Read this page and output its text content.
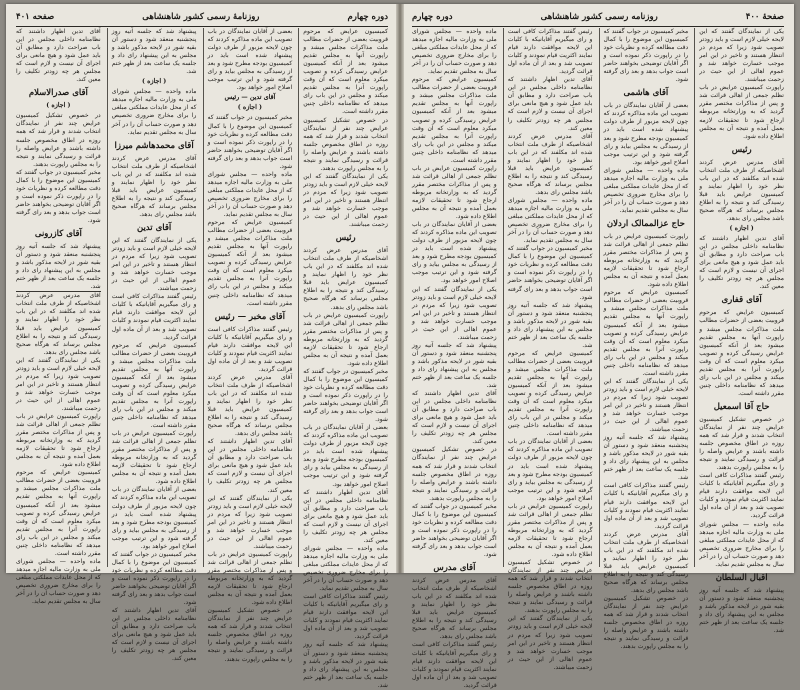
دوره چهارم
روزنامهٔ رسمی کشور شاهنشاهی
صفحه ۴۰۱

کمیسیون عرایض که مرحوم قروبیت بعضی از حضرات مطالب ملت مذاکرات مجلس میشد و راپورت آنها به مجلس تقدیم میشود بعد از آنکه کمیسیون عرایض رسیدگی کرده و تصویب میکرد معلوم است که آن وقت راپورت آنرا به مجلس تقدیم میکند و مجلس در این باب رای میدهد که نظامنامه داخلی چنین مقرر داشته است.

در خصوص تشکیل کمیسیون عرایض چند نفر از نمایندگان انتخاب شدند و قرار شد که همه روزه در اطاق مخصوص جلسه داشته باشند و عرایض واصله را قرائت و رسیدگی نمایند و نتیجه را به مجلس راپورت بدهند.

یکی از نمایندگان گفتند که این لایحه خیلی لازم است و باید زودتر تصویب شود زیرا که مردم در انتظار هستند و تاخیر در این امر موجب خسارت خواهد شد و عموم اهالی از این حیث در زحمت میباشند.

رئیس

آقای مدرس عرض کردند اشخاصیکه از طرف ملت انتخاب شده اند مکلفند که در این باب نظر خود را اظهار نمایند و کمیسیون عرایض باید قبلا رسیدگی کند و نتیجه را به اطلاع مجلس برساند که هرگاه صحیح باشد مجلس رای بدهد.

راپورت کمیسیون عرایض در باب تظلم جمعی از اهالی قرائت شد و پس از مذاکرات مختصر مقرر گردید که به وزارتخانه مربوطه ارجاع شود تا تحقیقات لازمه بعمل آمده و نتیجه آن به مجلس اطلاع داده شود.

مخبر کمیسیون در جواب گفتند که کمیسیون این موضوع را با کمال دقت مطالعه کرده و نظریات خود را در راپورت ذکر نموده است و اگر آقایان توضیحی بخواهند حاضر است جواب بدهد و بعد رای گرفته شود.

بعضی از آقایان نمایندگان در باب تصویب این ماده مذاکره کردند که چون لایحه مزبور از طرف دولت پیشنهاد شده است باید در کمیسیون بودجه مطرح شود و بعد از رسیدگی به مجلس بیاید و رای گرفته شود و این ترتیب موجب اصلاح امور خواهد بود.

آقای تدین اظهار داشتند که نظامنامه داخلی مجلس در این باب صراحت دارد و مطابق آن باید عمل شود و هیچ مانعی برای اجرای آن نیست و لازم است که مجلس هر چه زودتر تکلیف را معین کند.

ماده واحده — مجلس شورای ملی به وزارت مالیه اجازه میدهد که از محل عایدات مملکتی مبلغی را برای مخارج ضروری تخصیص دهد و صورت حساب آن را در آخر سال به مجلس تقدیم نماید.

رئیس گفتند مذاکرات کافی است و رای میگیریم آقایانیکه با کلیات این لایحه موافقت دارند قیام نمایند اکثریت قیام نمودند و کلیات تصویب شد و بعد از آن ماده اول قرائت گردید.

پیشنهاد شد که جلسه آتیه روز پنجشنبه منعقد شود و دستور آن بقیه شور در لایحه مذکور باشد و مجلس به این پیشنهاد رای داد و جلسه یک ساعت بعد از ظهر ختم شد.

بعضی از آقایان نمایندگان در باب تصویب این ماده مذاکره کردند که چون لایحه مزبور از طرف دولت پیشنهاد شده است باید در کمیسیون بودجه مطرح شود و بعد از رسیدگی به مجلس بیاید و رای گرفته شود و این ترتیب موجب اصلاح امور خواهد بود.

آقای تدین — رئیس

( اجازه )

مخبر کمیسیون در جواب گفتند که کمیسیون این موضوع را با کمال دقت مطالعه کرده و نظریات خود را در راپورت ذکر نموده است و اگر آقایان توضیحی بخواهند حاضر است جواب بدهد و بعد رای گرفته شود.

ماده واحده — مجلس شورای ملی به وزارت مالیه اجازه میدهد که از محل عایدات مملکتی مبلغی را برای مخارج ضروری تخصیص دهد و صورت حساب آن را در آخر سال به مجلس تقدیم نماید.

کمیسیون عرایض که مرحوم قروبیت بعضی از حضرات مطالب ملت مذاکرات مجلس میشد و راپورت آنها به مجلس تقدیم میشود بعد از آنکه کمیسیون عرایض رسیدگی کرده و تصویب میکرد معلوم است که آن وقت راپورت آنرا به مجلس تقدیم میکند و مجلس در این باب رای میدهد که نظامنامه داخلی چنین مقرر داشته است.

آقای مخبر — رئیس

رئیس گفتند مذاکرات کافی است و رای میگیریم آقایانیکه با کلیات این لایحه موافقت دارند قیام نمایند اکثریت قیام نمودند و کلیات تصویب شد و بعد از آن ماده اول قرائت گردید.

آقای مدرس عرض کردند اشخاصیکه از طرف ملت انتخاب شده اند مکلفند که در این باب نظر خود را اظهار نمایند و کمیسیون عرایض باید قبلا رسیدگی کند و نتیجه را به اطلاع مجلس برساند که هرگاه صحیح باشد مجلس رای بدهد.

آقای تدین اظهار داشتند که نظامنامه داخلی مجلس در این باب صراحت دارد و مطابق آن باید عمل شود و هیچ مانعی برای اجرای آن نیست و لازم است که مجلس هر چه زودتر تکلیف را معین کند.

یکی از نمایندگان گفتند که این لایحه خیلی لازم است و باید زودتر تصویب شود زیرا که مردم در انتظار هستند و تاخیر در این امر موجب خسارت خواهد شد و عموم اهالی از این حیث در زحمت میباشند.

راپورت کمیسیون عرایض در باب تظلم جمعی از اهالی قرائت شد و پس از مذاکرات مختصر مقرر گردید که به وزارتخانه مربوطه ارجاع شود تا تحقیقات لازمه بعمل آمده و نتیجه آن به مجلس اطلاع داده شود.

در خصوص تشکیل کمیسیون عرایض چند نفر از نمایندگان انتخاب شدند و قرار شد که همه روزه در اطاق مخصوص جلسه داشته باشند و عرایض واصله را قرائت و رسیدگی نمایند و نتیجه را به مجلس راپورت بدهند.

پیشنهاد شد که جلسه آتیه روز پنجشنبه منعقد شود و دستور آن بقیه شور در لایحه مذکور باشد و مجلس به این پیشنهاد رای داد و جلسه یک ساعت بعد از ظهر ختم شد.

( اجازه )

ماده واحده — مجلس شورای ملی به وزارت مالیه اجازه میدهد که از محل عایدات مملکتی مبلغی را برای مخارج ضروری تخصیص دهد و صورت حساب آن را در آخر سال به مجلس تقدیم نماید.

آقای محمدهاشم میرزا

آقای مدرس عرض کردند اشخاصیکه از طرف ملت انتخاب شده اند مکلفند که در این باب نظر خود را اظهار نمایند و کمیسیون عرایض باید قبلا رسیدگی کند و نتیجه را به اطلاع مجلس برساند که هرگاه صحیح باشد مجلس رای بدهد.

آقای تدین

یکی از نمایندگان گفتند که این لایحه خیلی لازم است و باید زودتر تصویب شود زیرا که مردم در انتظار هستند و تاخیر در این امر موجب خسارت خواهد شد و عموم اهالی از این حیث در زحمت میباشند.

رئیس گفتند مذاکرات کافی است و رای میگیریم آقایانیکه با کلیات این لایحه موافقت دارند قیام نمایند اکثریت قیام نمودند و کلیات تصویب شد و بعد از آن ماده اول قرائت گردید.

کمیسیون عرایض که مرحوم قروبیت بعضی از حضرات مطالب ملت مذاکرات مجلس میشد و راپورت آنها به مجلس تقدیم میشود بعد از آنکه کمیسیون عرایض رسیدگی کرده و تصویب میکرد معلوم است که آن وقت راپورت آنرا به مجلس تقدیم میکند و مجلس در این باب رای میدهد که نظامنامه داخلی چنین مقرر داشته است.

راپورت کمیسیون عرایض در باب تظلم جمعی از اهالی قرائت شد و پس از مذاکرات مختصر مقرر گردید که به وزارتخانه مربوطه ارجاع شود تا تحقیقات لازمه بعمل آمده و نتیجه آن به مجلس اطلاع داده شود.

بعضی از آقایان نمایندگان در باب تصویب این ماده مذاکره کردند که چون لایحه مزبور از طرف دولت پیشنهاد شده است باید در کمیسیون بودجه مطرح شود و بعد از رسیدگی به مجلس بیاید و رای گرفته شود و این ترتیب موجب اصلاح امور خواهد بود.

مخبر کمیسیون در جواب گفتند که کمیسیون این موضوع را با کمال دقت مطالعه کرده و نظریات خود را در راپورت ذکر نموده است و اگر آقایان توضیحی بخواهند حاضر است جواب بدهد و بعد رای گرفته شود.

آقای تدین اظهار داشتند که نظامنامه داخلی مجلس در این باب صراحت دارد و مطابق آن باید عمل شود و هیچ مانعی برای اجرای آن نیست و لازم است که مجلس هر چه زودتر تکلیف را معین کند.

آقای تدین اظهار داشتند که نظامنامه داخلی مجلس در این باب صراحت دارد و مطابق آن باید عمل شود و هیچ مانعی برای اجرای آن نیست و لازم است که مجلس هر چه زودتر تکلیف را معین کند.

آقای صدرالاسلام

( اجازه )

در خصوص تشکیل کمیسیون عرایض چند نفر از نمایندگان انتخاب شدند و قرار شد که همه روزه در اطاق مخصوص جلسه داشته باشند و عرایض واصله را قرائت و رسیدگی نمایند و نتیجه را به مجلس راپورت بدهند.

مخبر کمیسیون در جواب گفتند که کمیسیون این موضوع را با کمال دقت مطالعه کرده و نظریات خود را در راپورت ذکر نموده است و اگر آقایان توضیحی بخواهند حاضر است جواب بدهد و بعد رای گرفته شود.

آقای کازرونی

پیشنهاد شد که جلسه آتیه روز پنجشنبه منعقد شود و دستور آن بقیه شور در لایحه مذکور باشد و مجلس به این پیشنهاد رای داد و جلسه یک ساعت بعد از ظهر ختم شد.

آقای مدرس عرض کردند اشخاصیکه از طرف ملت انتخاب شده اند مکلفند که در این باب نظر خود را اظهار نمایند و کمیسیون عرایض باید قبلا رسیدگی کند و نتیجه را به اطلاع مجلس برساند که هرگاه صحیح باشد مجلس رای بدهد.

یکی از نمایندگان گفتند که این لایحه خیلی لازم است و باید زودتر تصویب شود زیرا که مردم در انتظار هستند و تاخیر در این امر موجب خسارت خواهد شد و عموم اهالی از این حیث در زحمت میباشند.

راپورت کمیسیون عرایض در باب تظلم جمعی از اهالی قرائت شد و پس از مذاکرات مختصر مقرر گردید که به وزارتخانه مربوطه ارجاع شود تا تحقیقات لازمه بعمل آمده و نتیجه آن به مجلس اطلاع داده شود.

کمیسیون عرایض که مرحوم قروبیت بعضی از حضرات مطالب ملت مذاکرات مجلس میشد و راپورت آنها به مجلس تقدیم میشود بعد از آنکه کمیسیون عرایض رسیدگی کرده و تصویب میکرد معلوم است که آن وقت راپورت آنرا به مجلس تقدیم میکند و مجلس در این باب رای میدهد که نظامنامه داخلی چنین مقرر داشته است.

ماده واحده — مجلس شورای ملی به وزارت مالیه اجازه میدهد که از محل عایدات مملکتی مبلغی را برای مخارج ضروری تخصیص دهد و صورت حساب آن را در آخر سال به مجلس تقدیم نماید.

صفحهٔ ۴۰۰
روزنامه رسمی کشور شاهنشاهی
دوره چهارم

یکی از نمایندگان گفتند که این لایحه خیلی لازم است و باید زودتر تصویب شود زیرا که مردم در انتظار هستند و تاخیر در این امر موجب خسارت خواهد شد و عموم اهالی از این حیث در زحمت میباشند.

راپورت کمیسیون عرایض در باب تظلم جمعی از اهالی قرائت شد و پس از مذاکرات مختصر مقرر گردید که به وزارتخانه مربوطه ارجاع شود تا تحقیقات لازمه بعمل آمده و نتیجه آن به مجلس اطلاع داده شود.

رئیس

آقای مدرس عرض کردند اشخاصیکه از طرف ملت انتخاب شده اند مکلفند که در این باب نظر خود را اظهار نمایند و کمیسیون عرایض باید قبلا رسیدگی کند و نتیجه را به اطلاع مجلس برساند که هرگاه صحیح باشد مجلس رای بدهد.

( اجازه )

آقای تدین اظهار داشتند که نظامنامه داخلی مجلس در این باب صراحت دارد و مطابق آن باید عمل شود و هیچ مانعی برای اجرای آن نیست و لازم است که مجلس هر چه زودتر تکلیف را معین کند.

آقای قفاری

کمیسیون عرایض که مرحوم قروبیت بعضی از حضرات مطالب ملت مذاکرات مجلس میشد و راپورت آنها به مجلس تقدیم میشود بعد از آنکه کمیسیون عرایض رسیدگی کرده و تصویب میکرد معلوم است که آن وقت راپورت آنرا به مجلس تقدیم میکند و مجلس در این باب رای میدهد که نظامنامه داخلی چنین مقرر داشته است.

حاج آقا اسمعیل

در خصوص تشکیل کمیسیون عرایض چند نفر از نمایندگان انتخاب شدند و قرار شد که همه روزه در اطاق مخصوص جلسه داشته باشند و عرایض واصله را قرائت و رسیدگی نمایند و نتیجه را به مجلس راپورت بدهند.

رئیس گفتند مذاکرات کافی است و رای میگیریم آقایانیکه با کلیات این لایحه موافقت دارند قیام نمایند اکثریت قیام نمودند و کلیات تصویب شد و بعد از آن ماده اول قرائت گردید.

ماده واحده — مجلس شورای ملی به وزارت مالیه اجازه میدهد که از محل عایدات مملکتی مبلغی را برای مخارج ضروری تخصیص دهد و صورت حساب آن را در آخر سال به مجلس تقدیم نماید.

اقبال السلطان

پیشنهاد شد که جلسه آتیه روز پنجشنبه منعقد شود و دستور آن بقیه شور در لایحه مذکور باشد و مجلس به این پیشنهاد رای داد و جلسه یک ساعت بعد از ظهر ختم شد.

مخبر کمیسیون در جواب گفتند که کمیسیون این موضوع را با کمال دقت مطالعه کرده و نظریات خود را در راپورت ذکر نموده است و اگر آقایان توضیحی بخواهند حاضر است جواب بدهد و بعد رای گرفته شود.

آقای هاشمی

بعضی از آقایان نمایندگان در باب تصویب این ماده مذاکره کردند که چون لایحه مزبور از طرف دولت پیشنهاد شده است باید در کمیسیون بودجه مطرح شود و بعد از رسیدگی به مجلس بیاید و رای گرفته شود و این ترتیب موجب اصلاح امور خواهد بود.

ماده واحده — مجلس شورای ملی به وزارت مالیه اجازه میدهد که از محل عایدات مملکتی مبلغی را برای مخارج ضروری تخصیص دهد و صورت حساب آن را در آخر سال به مجلس تقدیم نماید.

حاج عزالممالک اردلان

راپورت کمیسیون عرایض در باب تظلم جمعی از اهالی قرائت شد و پس از مذاکرات مختصر مقرر گردید که به وزارتخانه مربوطه ارجاع شود تا تحقیقات لازمه بعمل آمده و نتیجه آن به مجلس اطلاع داده شود.

کمیسیون عرایض که مرحوم قروبیت بعضی از حضرات مطالب ملت مذاکرات مجلس میشد و راپورت آنها به مجلس تقدیم میشود بعد از آنکه کمیسیون عرایض رسیدگی کرده و تصویب میکرد معلوم است که آن وقت راپورت آنرا به مجلس تقدیم میکند و مجلس در این باب رای میدهد که نظامنامه داخلی چنین مقرر داشته است.

یکی از نمایندگان گفتند که این لایحه خیلی لازم است و باید زودتر تصویب شود زیرا که مردم در انتظار هستند و تاخیر در این امر موجب خسارت خواهد شد و عموم اهالی از این حیث در زحمت میباشند.

پیشنهاد شد که جلسه آتیه روز پنجشنبه منعقد شود و دستور آن بقیه شور در لایحه مذکور باشد و مجلس به این پیشنهاد رای داد و جلسه یک ساعت بعد از ظهر ختم شد.

رئیس گفتند مذاکرات کافی است و رای میگیریم آقایانیکه با کلیات این لایحه موافقت دارند قیام نمایند اکثریت قیام نمودند و کلیات تصویب شد و بعد از آن ماده اول قرائت گردید.

آقای مدرس عرض کردند اشخاصیکه از طرف ملت انتخاب شده اند مکلفند که در این باب نظر خود را اظهار نمایند و کمیسیون عرایض باید قبلا رسیدگی کند و نتیجه را به اطلاع مجلس برساند که هرگاه صحیح باشد مجلس رای بدهد.

در خصوص تشکیل کمیسیون عرایض چند نفر از نمایندگان انتخاب شدند و قرار شد که همه روزه در اطاق مخصوص جلسه داشته باشند و عرایض واصله را قرائت و رسیدگی نمایند و نتیجه را به مجلس راپورت بدهند.

رئیس گفتند مذاکرات کافی است و رای میگیریم آقایانیکه با کلیات این لایحه موافقت دارند قیام نمایند اکثریت قیام نمودند و کلیات تصویب شد و بعد از آن ماده اول قرائت گردید.

آقای تدین اظهار داشتند که نظامنامه داخلی مجلس در این باب صراحت دارد و مطابق آن باید عمل شود و هیچ مانعی برای اجرای آن نیست و لازم است که مجلس هر چه زودتر تکلیف را معین کند.

آقای مدرس عرض کردند اشخاصیکه از طرف ملت انتخاب شده اند مکلفند که در این باب نظر خود را اظهار نمایند و کمیسیون عرایض باید قبلا رسیدگی کند و نتیجه را به اطلاع مجلس برساند که هرگاه صحیح باشد مجلس رای بدهد.

ماده واحده — مجلس شورای ملی به وزارت مالیه اجازه میدهد که از محل عایدات مملکتی مبلغی را برای مخارج ضروری تخصیص دهد و صورت حساب آن را در آخر سال به مجلس تقدیم نماید.

مخبر کمیسیون در جواب گفتند که کمیسیون این موضوع را با کمال دقت مطالعه کرده و نظریات خود را در راپورت ذکر نموده است و اگر آقایان توضیحی بخواهند حاضر است جواب بدهد و بعد رای گرفته شود.

پیشنهاد شد که جلسه آتیه روز پنجشنبه منعقد شود و دستور آن بقیه شور در لایحه مذکور باشد و مجلس به این پیشنهاد رای داد و جلسه یک ساعت بعد از ظهر ختم شد.

کمیسیون عرایض که مرحوم قروبیت بعضی از حضرات مطالب ملت مذاکرات مجلس میشد و راپورت آنها به مجلس تقدیم میشود بعد از آنکه کمیسیون عرایض رسیدگی کرده و تصویب میکرد معلوم است که آن وقت راپورت آنرا به مجلس تقدیم میکند و مجلس در این باب رای میدهد که نظامنامه داخلی چنین مقرر داشته است.

بعضی از آقایان نمایندگان در باب تصویب این ماده مذاکره کردند که چون لایحه مزبور از طرف دولت پیشنهاد شده است باید در کمیسیون بودجه مطرح شود و بعد از رسیدگی به مجلس بیاید و رای گرفته شود و این ترتیب موجب اصلاح امور خواهد بود.

راپورت کمیسیون عرایض در باب تظلم جمعی از اهالی قرائت شد و پس از مذاکرات مختصر مقرر گردید که به وزارتخانه مربوطه ارجاع شود تا تحقیقات لازمه بعمل آمده و نتیجه آن به مجلس اطلاع داده شود.

در خصوص تشکیل کمیسیون عرایض چند نفر از نمایندگان انتخاب شدند و قرار شد که همه روزه در اطاق مخصوص جلسه داشته باشند و عرایض واصله را قرائت و رسیدگی نمایند و نتیجه را به مجلس راپورت بدهند.

یکی از نمایندگان گفتند که این لایحه خیلی لازم است و باید زودتر تصویب شود زیرا که مردم در انتظار هستند و تاخیر در این امر موجب خسارت خواهد شد و عموم اهالی از این حیث در زحمت میباشند.

ماده واحده — مجلس شورای ملی به وزارت مالیه اجازه میدهد که از محل عایدات مملکتی مبلغی را برای مخارج ضروری تخصیص دهد و صورت حساب آن را در آخر سال به مجلس تقدیم نماید.

کمیسیون عرایض که مرحوم قروبیت بعضی از حضرات مطالب ملت مذاکرات مجلس میشد و راپورت آنها به مجلس تقدیم میشود بعد از آنکه کمیسیون عرایض رسیدگی کرده و تصویب میکرد معلوم است که آن وقت راپورت آنرا به مجلس تقدیم میکند و مجلس در این باب رای میدهد که نظامنامه داخلی چنین مقرر داشته است.

راپورت کمیسیون عرایض در باب تظلم جمعی از اهالی قرائت شد و پس از مذاکرات مختصر مقرر گردید که به وزارتخانه مربوطه ارجاع شود تا تحقیقات لازمه بعمل آمده و نتیجه آن به مجلس اطلاع داده شود.

بعضی از آقایان نمایندگان در باب تصویب این ماده مذاکره کردند که چون لایحه مزبور از طرف دولت پیشنهاد شده است باید در کمیسیون بودجه مطرح شود و بعد از رسیدگی به مجلس بیاید و رای گرفته شود و این ترتیب موجب اصلاح امور خواهد بود.

یکی از نمایندگان گفتند که این لایحه خیلی لازم است و باید زودتر تصویب شود زیرا که مردم در انتظار هستند و تاخیر در این امر موجب خسارت خواهد شد و عموم اهالی از این حیث در زحمت میباشند.

پیشنهاد شد که جلسه آتیه روز پنجشنبه منعقد شود و دستور آن بقیه شور در لایحه مذکور باشد و مجلس به این پیشنهاد رای داد و جلسه یک ساعت بعد از ظهر ختم شد.

آقای تدین اظهار داشتند که نظامنامه داخلی مجلس در این باب صراحت دارد و مطابق آن باید عمل شود و هیچ مانعی برای اجرای آن نیست و لازم است که مجلس هر چه زودتر تکلیف را معین کند.

در خصوص تشکیل کمیسیون عرایض چند نفر از نمایندگان انتخاب شدند و قرار شد که همه روزه در اطاق مخصوص جلسه داشته باشند و عرایض واصله را قرائت و رسیدگی نمایند و نتیجه را به مجلس راپورت بدهند.

مخبر کمیسیون در جواب گفتند که کمیسیون این موضوع را با کمال دقت مطالعه کرده و نظریات خود را در راپورت ذکر نموده است و اگر آقایان توضیحی بخواهند حاضر است جواب بدهد و بعد رای گرفته شود.

آقای مدرس

آقای مدرس عرض کردند اشخاصیکه از طرف ملت انتخاب شده اند مکلفند که در این باب نظر خود را اظهار نمایند و کمیسیون عرایض باید قبلا رسیدگی کند و نتیجه را به اطلاع مجلس برساند که هرگاه صحیح باشد مجلس رای بدهد.

رئیس گفتند مذاکرات کافی است و رای میگیریم آقایانیکه با کلیات این لایحه موافقت دارند قیام نمایند اکثریت قیام نمودند و کلیات تصویب شد و بعد از آن ماده اول قرائت گردید.
